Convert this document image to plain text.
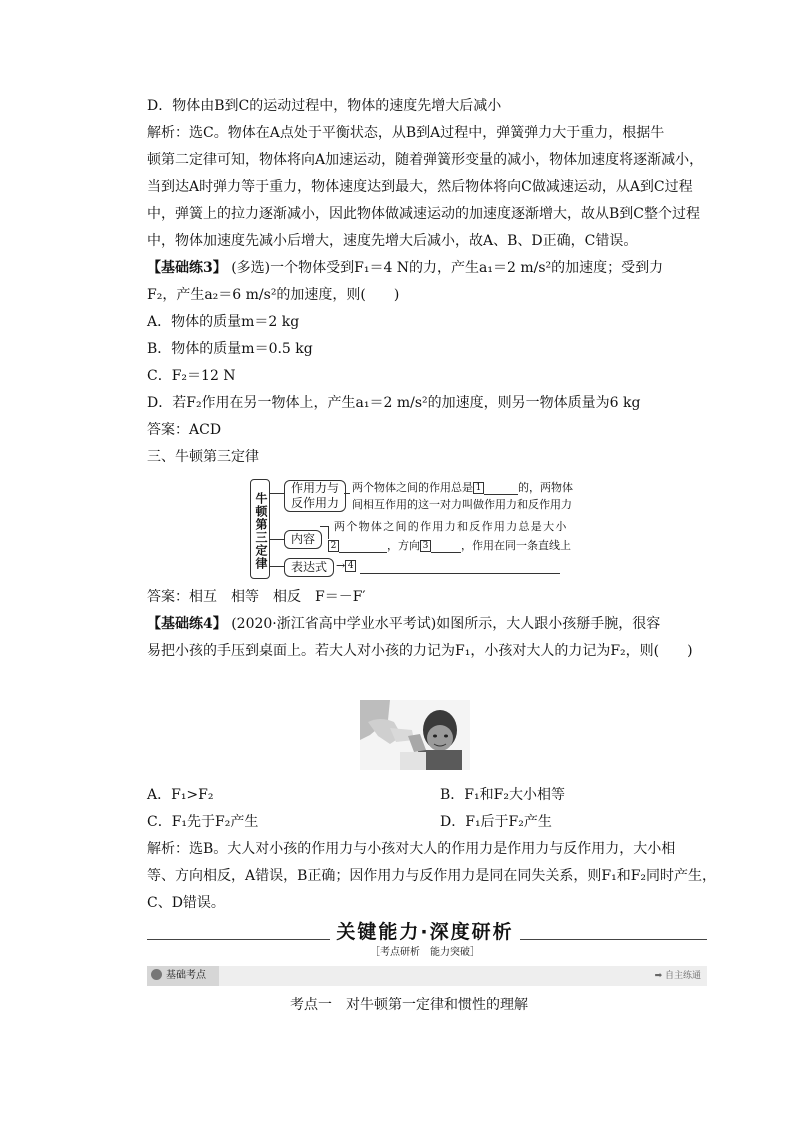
D．物体由B到C的运动过程中，物体的速度先增大后减小
解析：选C。物体在A点处于平衡状态，从B到A过程中，弹簧弹力大于重力，根据牛
顿第二定律可知，物体将向A加速运动，随着弹簧形变量的减小，物体加速度将逐渐减小，
当到达A时弹力等于重力，物体速度达到最大，然后物体将向C做减速运动，从A到C过程
中，弹簧上的拉力逐渐减小，因此物体做减速运动的加速度逐渐增大，故从B到C整个过程
中，物体加速度先减小后增大，速度先增大后减小，故A、B、D正确，C错误。
【基础练3】 (多选)一个物体受到F₁＝4 N的力，产生a₁＝2 m/s²的加速度；受到力
F₂，产生a₂＝6 m/s²的加速度，则(　　)
A．物体的质量m＝2 kg
B．物体的质量m＝0.5 kg
C．F₂＝12 N
D．若F₂作用在另一物体上，产生a₁＝2 m/s²的加速度，则另一物体质量为6 kg
答案：ACD
三、牛顿第三定律
牛顿第三定律
作用力与
反作用力
两个物体之间的作用总是 1	的，两物体
间相互作用的这一对力叫做作用力和反作用力
内容
两个物体之间的作用力和反作用力总是大小
2	，方向 3	，作用在同一条直线上
表达式 → 4
答案：相互　相等　相反　F＝－F′
【基础练4】 (2020·浙江省高中学业水平考试)如图所示，大人跟小孩掰手腕，很容
易把小孩的手压到桌面上。若大人对小孩的力记为F₁，小孩对大人的力记为F₂，则(　　)
A．F₁>F₂	B．F₁和F₂大小相等
C．F₁先于F₂产生	D．F₁后于F₂产生
解析：选B。大人对小孩的作用力与小孩对大人的作用力是作用力与反作用力，大小相
等、方向相反，A错误，B正确；因作用力与反作用力是同在同失关系，则F₁和F₂同时产生，
C、D错误。
关键能力·深度研析
［考点研析　能力突破］
基础考点	➡ 自主练通
考点一　对牛顿第一定律和惯性的理解
